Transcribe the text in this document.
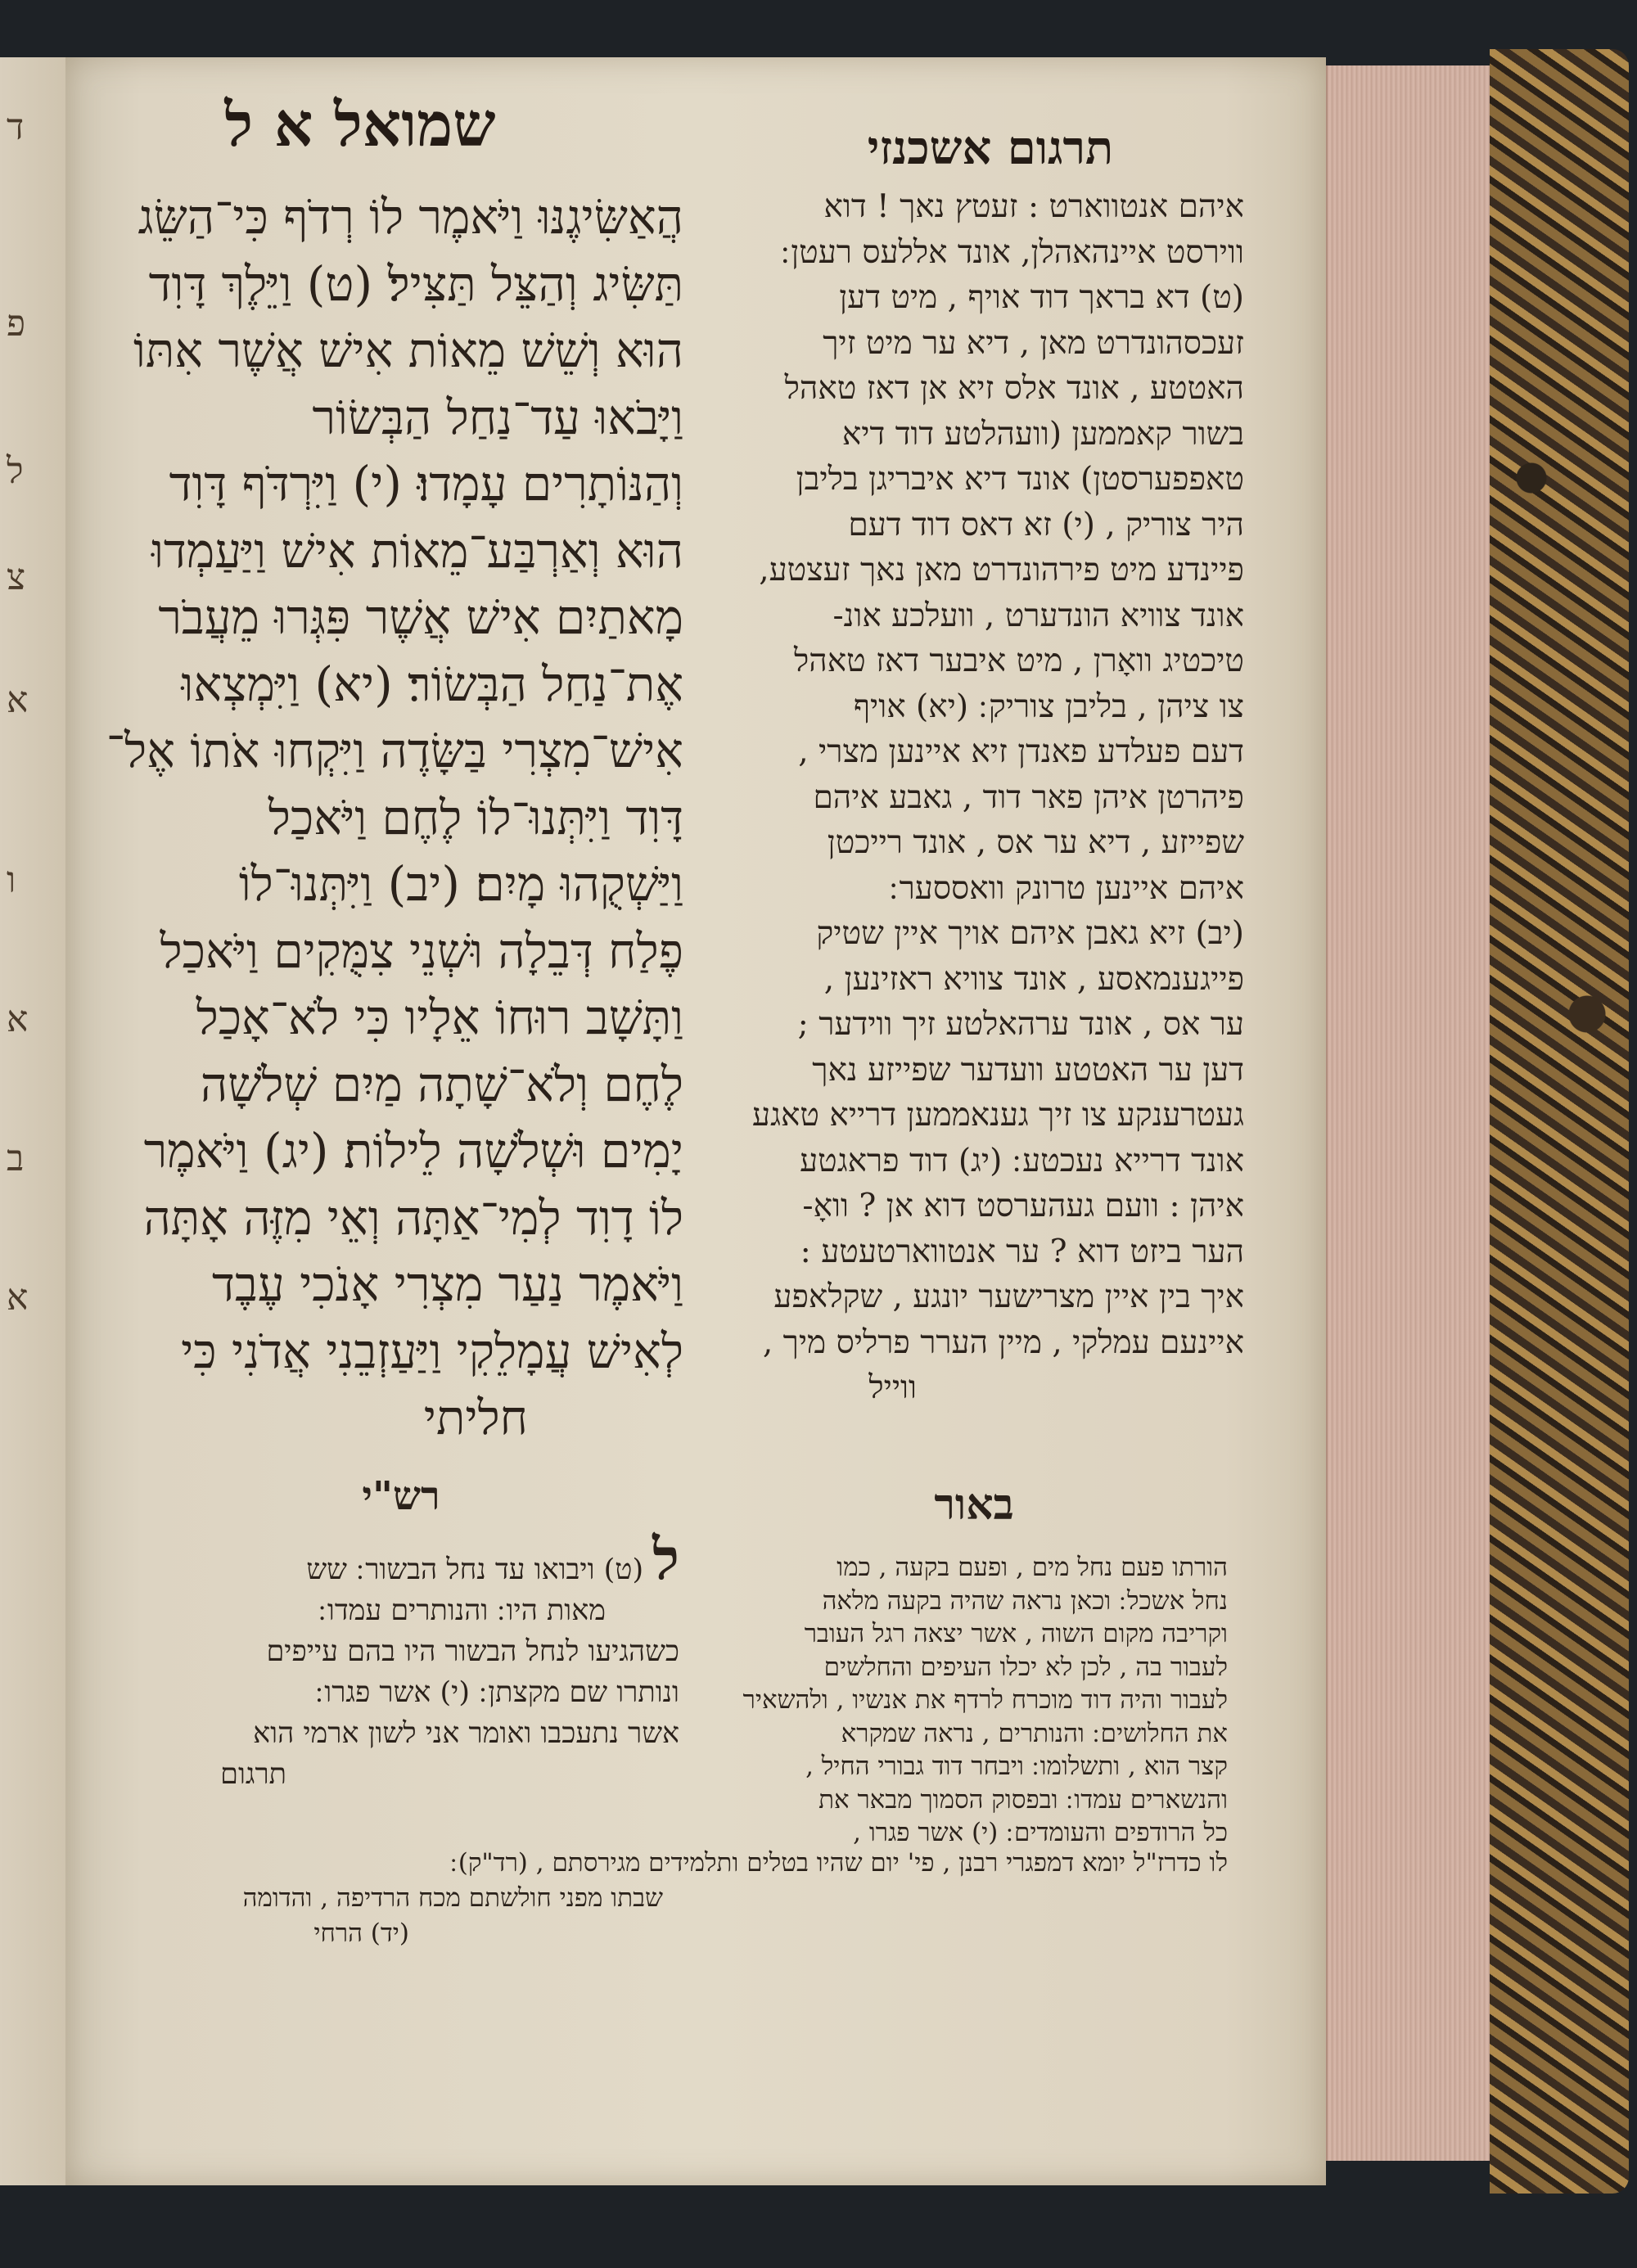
ד
פ
ל
צ
א
ו
א
ב
א
שמואל א ל	תרגום אשכנזי

הֲאַשִּׂיגֶנּוּ וַיֹּאמֶר לוֹ רְדֹף כִּי־הַשֵּׂג

תַּשִּׂיג וְהַצֵּל תַּצִּיל׃ (ט) וַיֵּלֶךְ דָּוִד

הוּא וְשֵׁשׁ מֵאוֹת אִישׁ אֲשֶׁר אִתּוֹ

וַיָּבֹאוּ עַד־נַחַל הַבְּשׂוֹר

וְהַנּוֹתָרִים עָמָדוּ׃ (י) וַיִּרְדֹּף דָּוִד

הוּא וְאַרְבַּע־מֵאוֹת אִישׁ וַיַּעַמְדוּ

מָאתַיִם אִישׁ אֲשֶׁר פִּגְּרוּ מֵעֲבֹר

אֶת־נַחַל הַבְּשׂוֹר׃ (יא) וַיִּמְצְאוּ

אִישׁ־מִצְרִי בַּשָּׂדֶה וַיִּקְחוּ אֹתוֹ אֶל־

דָּוִד וַיִּתְּנוּ־לוֹ לֶחֶם וַיֹּאכַל

וַיַּשְׁקֻהוּ מָיִם׃ (יב) וַיִּתְּנוּ־לוֹ

פֶלַח דְּבֵלָה וּשְׁנֵי צִמֻּקִים וַיֹּאכַל

וַתָּשָׁב רוּחוֹ אֵלָיו כִּי לֹא־אָכַל

לֶחֶם וְלֹא־שָׁתָה מַיִם שְׁלֹשָׁה

יָמִים וּשְׁלֹשָׁה לֵילוֹת׃ (יג) וַיֹּאמֶר

לוֹ דָוִד לְמִי־אַתָּה וְאֵי מִזֶּה אָתָּה

וַיֹּאמֶר נַעַר מִצְרִי אָנֹכִי עֶבֶד

לְאִישׁ עֲמָלֵקִי וַיַּעַזְבֵנִי אֲדֹנִי כִּי

חליתי

איהם אנטווארט : זעטץ נאך ! דוא

ווירסט איינהאהלן, אונד אללעס רעטן ׃

(ט) דא בראך דוד אויף , מיט דען

זעכסהונדרט מאן , דיא ער מיט זיך

האטטע , אונד אלס זיא אן דאז טאהל

בשור קאממען (וועהלטע דוד דיא

טאפפערסטן) אונד דיא איבריגן בליבן

היר צוריק , (י) זא דאס דוד דעם

פיינדע מיט פירהונדרט מאן נאך זעצטע,

אונד צוויא הונדערט , וועלכע אונ-

טיכטיג וואָרן , מיט איבער דאז טאהל

צו ציהן , בליבן צוריק ׃ (יא) אויף

דעם פעלדע פאנדן זיא איינען מצרי ,

פיהרטן איהן פאר דוד , גאבע איהם

שפייזע , דיא ער אס , אונד רייכטן

איהם איינען טרונק וואססער ׃

(יב) זיא גאבן איהם אויך איין שטיק

פייגענמאסע , אונד צוויא ראזינען ,

ער אס , אונד ערהאלטע זיך ווידער ;

דען ער האטטע וועדער שפייזע נאך

געטרענקע צו זיך גענאממען דרייא טאגע

אונד דרייא נעכטע ׃ (יג) דוד פראגטע

איהן : וועם געהערסט דוא אן ? וואָ-

הער ביזט דוא ? ער אנטווארטעטע :

איך בין איין מצרישער יונגע , שקלאפע

איינעם עמלקי , מיין הערר פרליס מיך ,

ווייל

רש"י	באור

ל (ט) ויבואו עד נחל הבשור ׃ שש

מאות היו ׃ והנותרים עמדו ׃

כשהגיעו לנחל הבשור היו בהם עייפים

ונותרו שם מקצתן ׃ (י) אשר פגרו ׃

אשר נתעכבו ואומר אני לשון ארמי הוא

תרגום

הורתו פעם נחל מים , ופעם בקעה , כמו

נחל אשכל ׃ וכאן נראה שהיה בקעה מלאה

וקריבה מקום השוה , אשר יצאה רגל העובר

לעבור בה , לכן לא יכלו העיפים והחלשים

לעבור והיה דוד מוכרח לרדף את אנשיו , ולהשאיר

את החלושים ׃ והנותרים , נראה שמקרא

קצר הוא , ותשלומו ׃ ויבחר דוד גבורי החיל ,

והנשארים עמדו ׃ ובפסוק הסמוך מבאר את

כל הרודפים והעומדים ׃ (י) אשר פגרו ,

לו כדרז"ל יומא דמפגרי רבנן , פי' יום שהיו בטלים ותלמידים מגירסתם , (רד"ק) ׃

שבתו מפני חולשתם מכח הרדיפה , והדומה

(יד) הרחי
